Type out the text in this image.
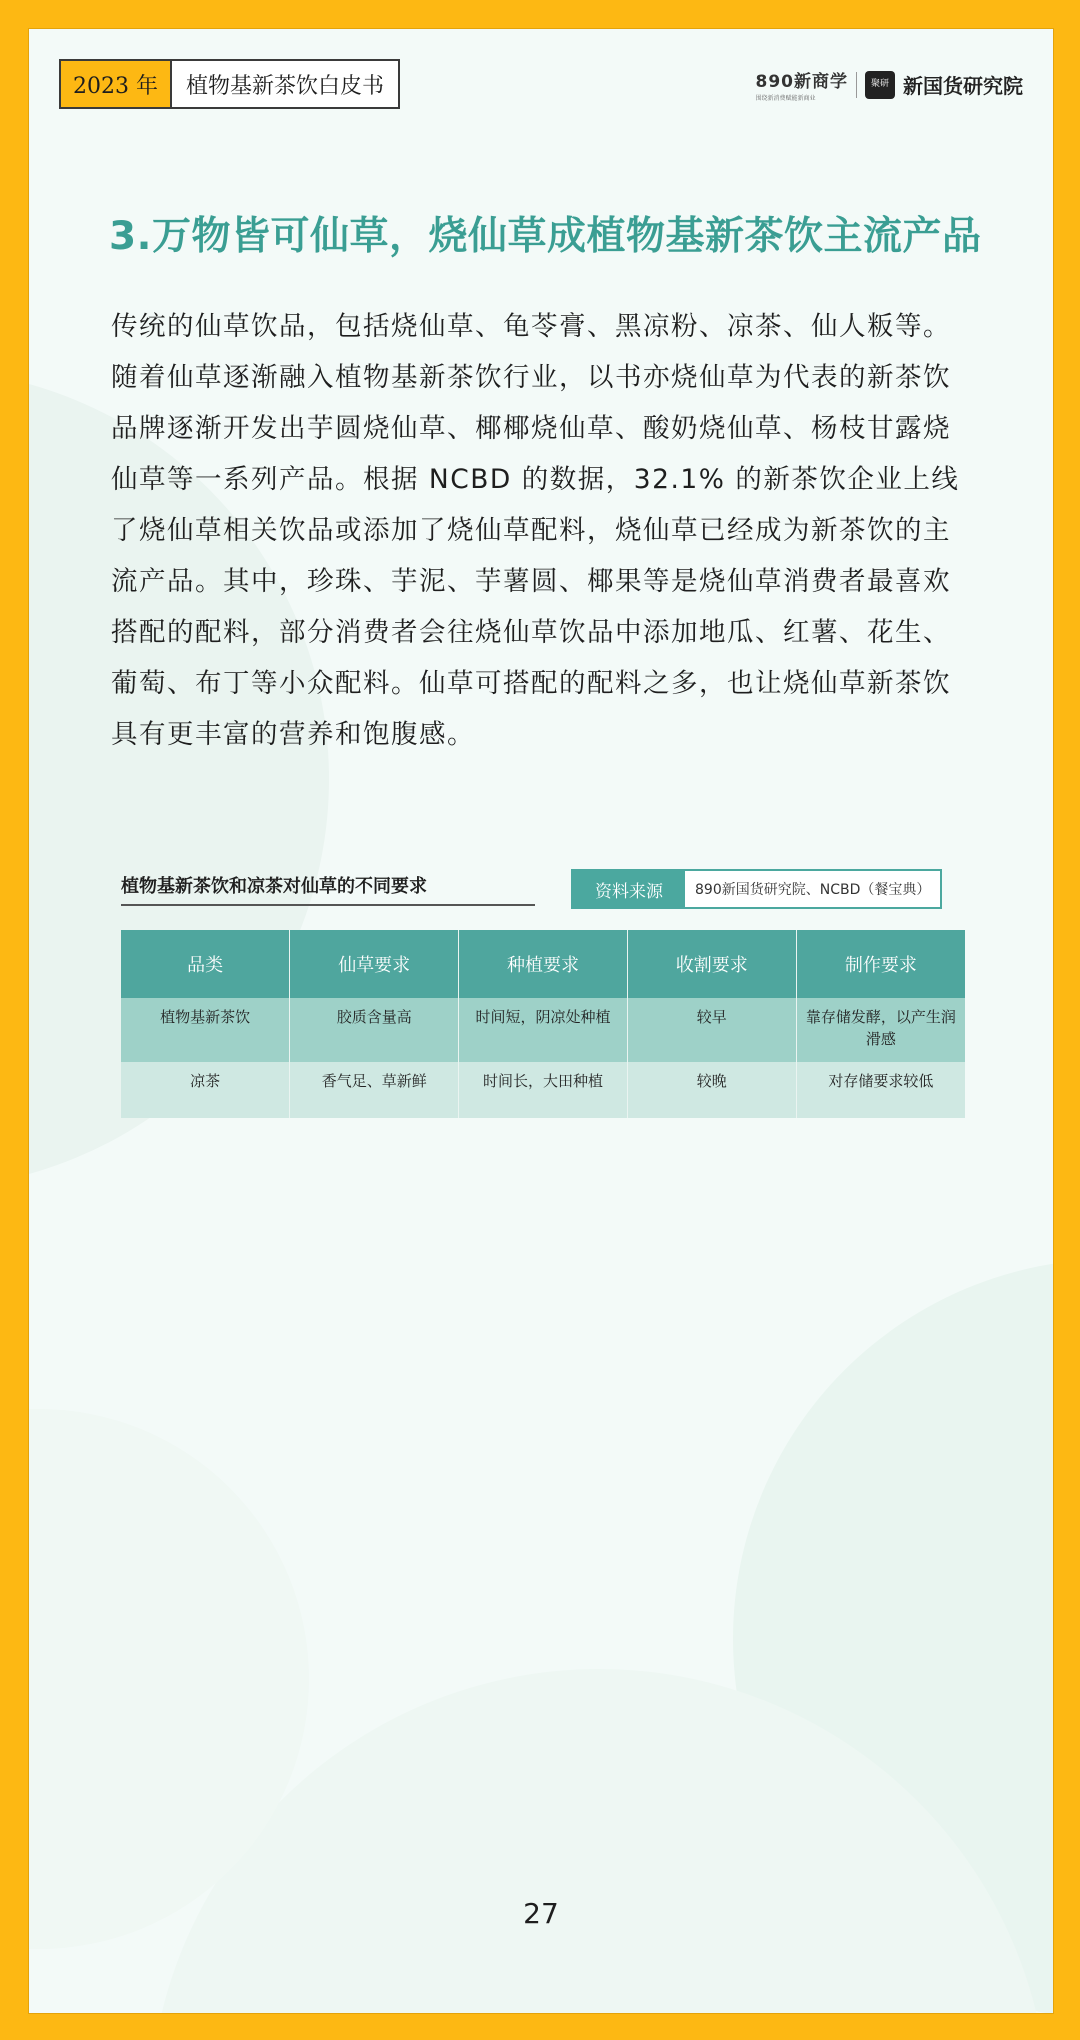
2023 年	植物基新茶饮白皮书	890新商学
围绕新消费赋能新商业
聚研 新国货研究院
3.万物皆可仙草，烧仙草成植物基新茶饮主流产品

传统的仙草饮品，包括烧仙草、龟苓膏、黑凉粉、凉茶、仙人粄等。随着仙草逐渐融入植物基新茶饮行业，以书亦烧仙草为代表的新茶饮品牌逐渐开发出芋圆烧仙草、椰椰烧仙草、酸奶烧仙草、杨枝甘露烧仙草等一系列产品。根据 NCBD 的数据，32.1% 的新茶饮企业上线了烧仙草相关饮品或添加了烧仙草配料，烧仙草已经成为新茶饮的主流产品。其中，珍珠、芋泥、芋薯圆、椰果等是烧仙草消费者最喜欢搭配的配料，部分消费者会往烧仙草饮品中添加地瓜、红薯、花生、葡萄、布丁等小众配料。仙草可搭配的配料之多，也让烧仙草新茶饮具有更丰富的营养和饱腹感。

植物基新茶饮和凉茶对仙草的不同要求	资料来源	890新国货研究院、NCBD（餐宝典）
品类	仙草要求	种植要求	收割要求	制作要求
植物基新茶饮	胶质含量高	时间短，阴凉处种植	较早	靠存储发酵，以产生润滑感
凉茶	香气足、草新鲜	时间长，大田种植	较晚	对存储要求较低
27
